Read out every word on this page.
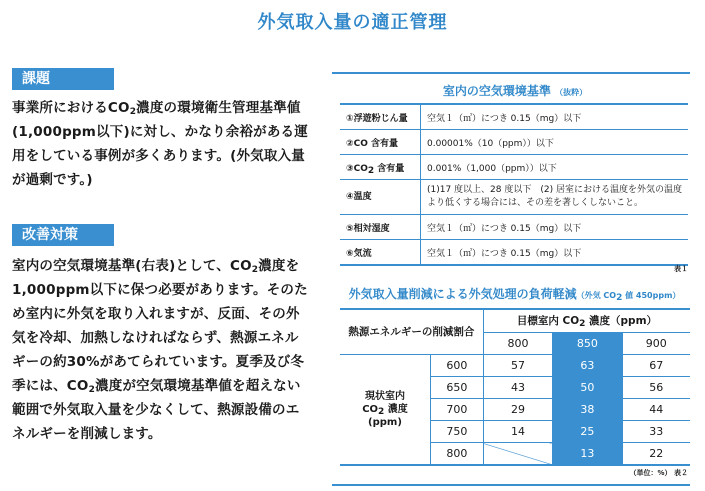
外気取入量の適正管理
課題
事業所における$CO_2$濃度の環境衛生管理基準値(1,000ppm以下)に対し、かなり余裕がある運用をしている事例が多くあります。(外気取入量が過剰です。)
改善対策
室内の空気環境基準(右表)として、$CO_2$濃度を1,000ppm以下に保つ必要があります。そのため室内に外気を取り入れますが、反面、その外気を冷却、加熱しなければならず、熱源エネルギーの約30%があてられています。夏季及び冬季には、$CO_2$濃度が空気環境基準値を超えない範囲で外気取入量を少なくして、熱源設備のエネルギーを削減します。
室内の空気環境基準 （抜粋）
①浮遊粉じん量	空気１（㎥）につき 0.15（mg）以下
②CO 含有量	0.00001%（10（ppm））以下
$③CO_2$ 含有量	0.001%（1,000（ppm））以下
④温度	(1)17 度以上、28 度以下　(2) 居室における温度を外気の温度より低くする場合には、その差を著しくしないこと。
⑤相対湿度	空気１（㎥）につき 0.15（mg）以下
⑥気流	空気１（㎥）につき 0.15（mg）以下
表１
外気取入量削減による外気処理の負荷軽減（外気 $CO_2$ 値 450ppm）
熱源エネルギーの削減割合		目標室内 $CO_2$ 濃度（ppm）		
		800	850	900
現状室内
$CO_2$ 濃度
(ppm)	600	57	63	67
	650	43	50	56
	700	29	38	44
	750	14	25	33
	800		13	22
（単位：%） 表２
